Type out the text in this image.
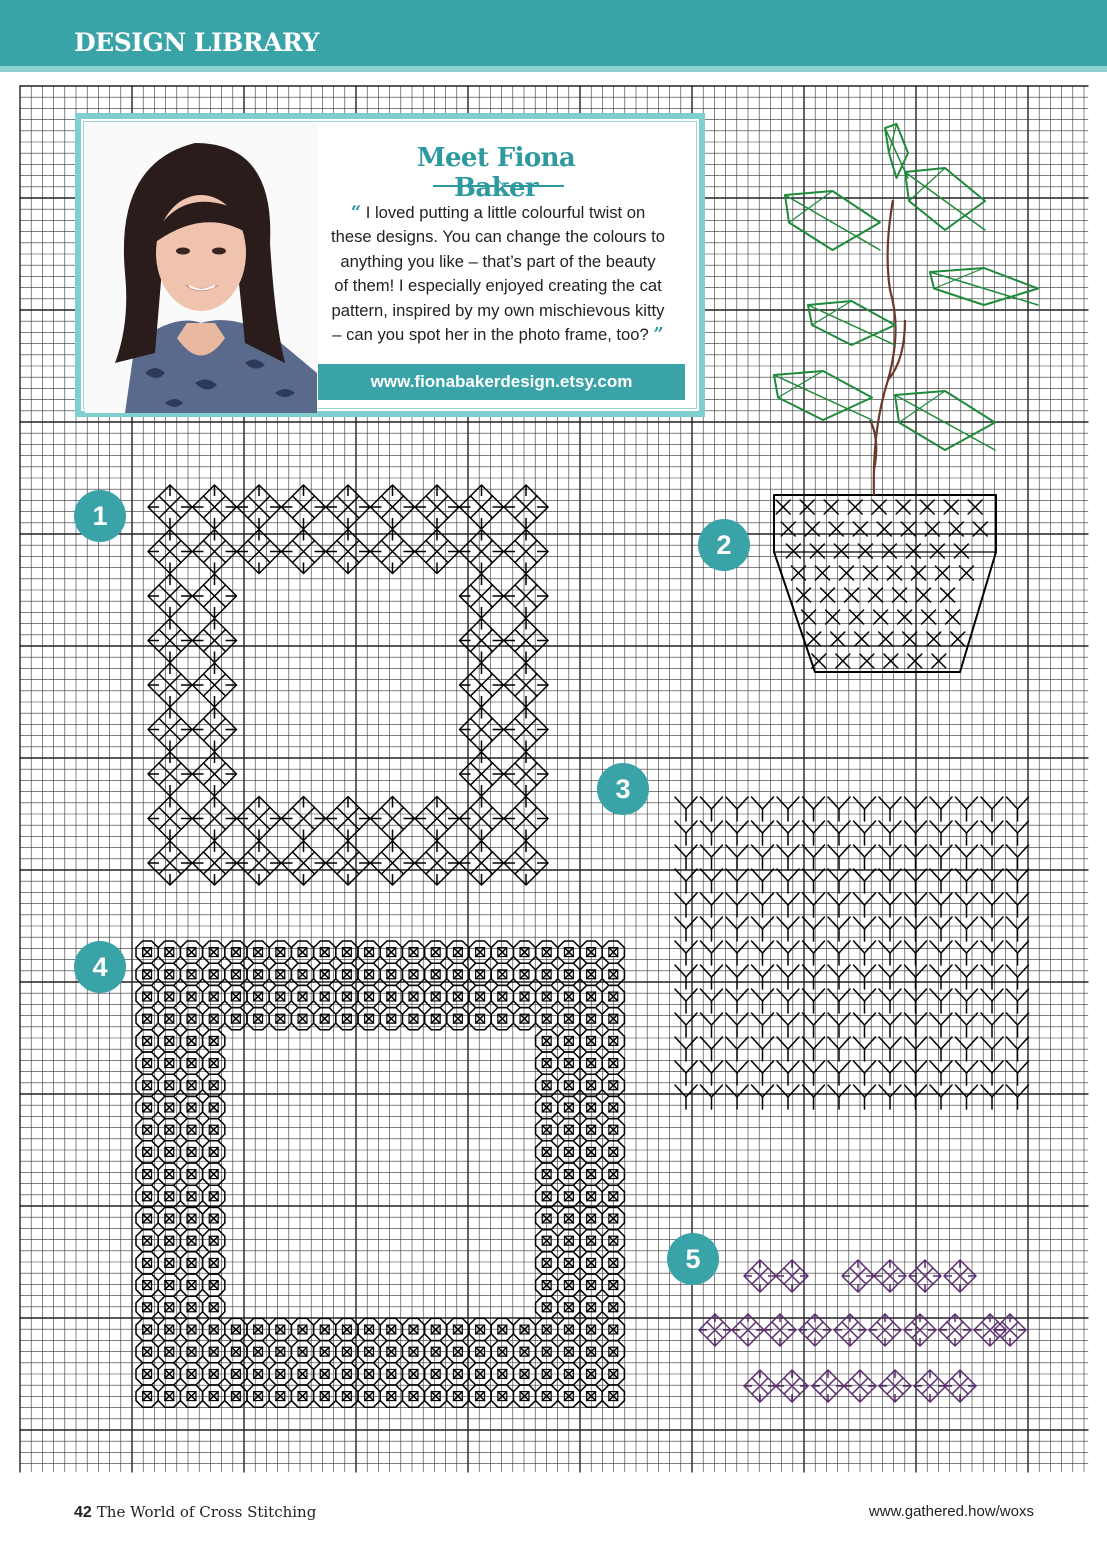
DESIGN LIBRARY
Meet Fiona Baker
“ I loved putting a little colourful twist on
these designs. You can change the colours to
anything you like – that’s part of the beauty
of them! I especially enjoyed creating the cat
pattern, inspired by my own mischievous kitty
– can you spot her in the photo frame, too? ”
www.fionabakerdesign.etsy.com
1
2
3
4
5
42 The World of Cross Stitching	www.gathered.how/woxs
